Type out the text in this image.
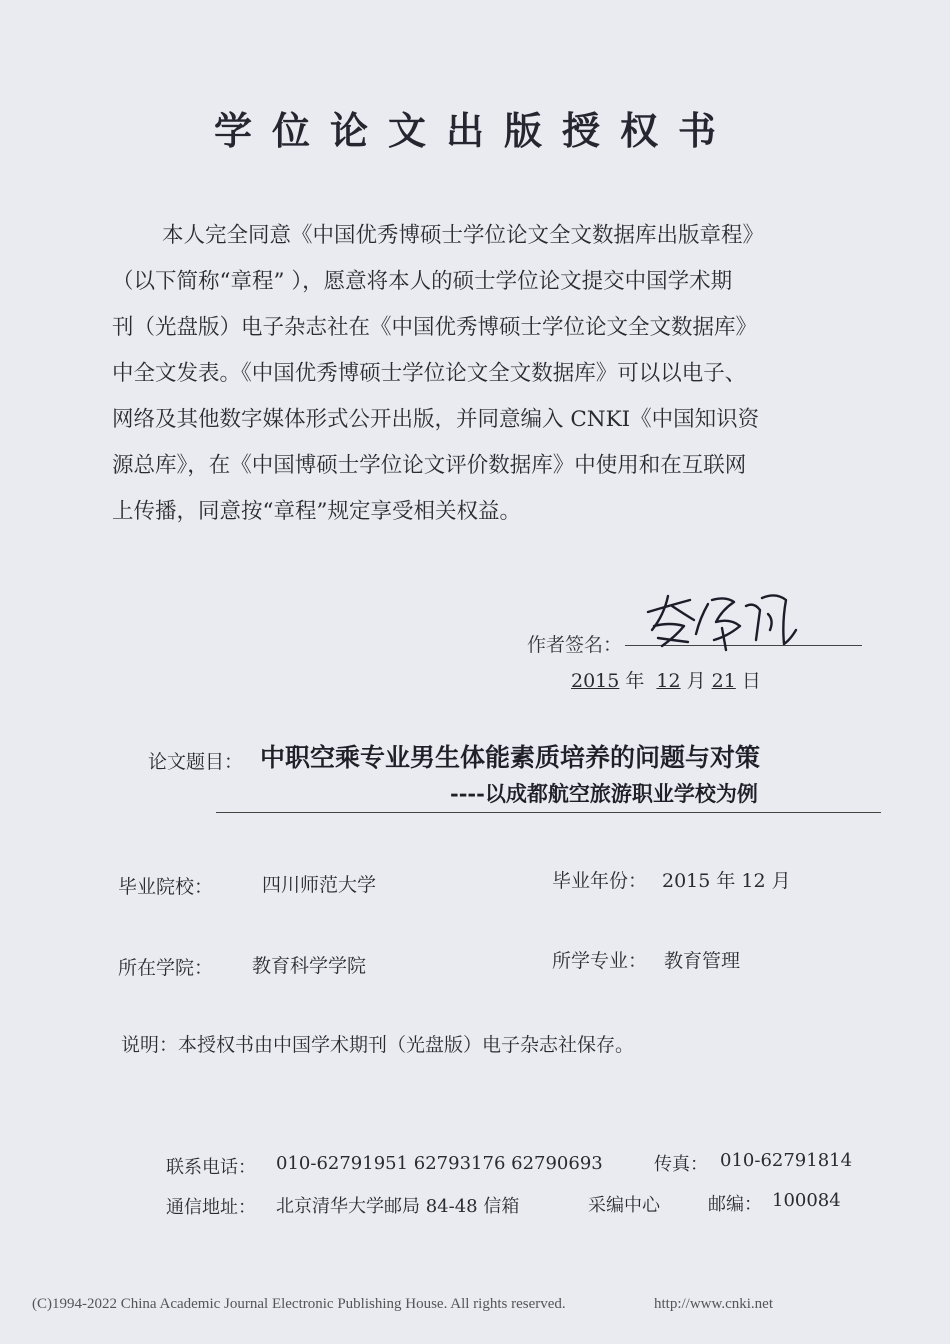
学位论文出版授权书
本人完全同意《中国优秀博硕士学位论文全文数据库出版章程》
（以下简称“章程” ），愿意将本人的硕士学位论文提交中国学术期
刊（光盘版）电子杂志社在《中国优秀博硕士学位论文全文数据库》
中全文发表。《中国优秀博硕士学位论文全文数据库》可以以电子、
网络及其他数字媒体形式公开出版，并同意编入 CNKI《中国知识资
源总库》，在《中国博硕士学位论文评价数据库》中使用和在互联网
上传播，同意按“章程”规定享受相关权益。
作者签名：
2015 年 12 月 21 日
论文题目： 中职空乘专业男生体能素质培养的问题与对策
----以成都航空旅游职业学校为例
毕业院校：	四川师范大学	毕业年份： 2015 年 12 月
所在学院： 教育科学学院	所学专业： 教育管理
说明：本授权书由中国学术期刊（光盘版）电子杂志社保存。
联系电话： 010-62791951 62793176 62790693	传真： 010-62791814
通信地址： 北京清华大学邮局 84-48 信箱	采编中心	邮编： 100084
(C)1994-2022 China Academic Journal Electronic Publishing House. All rights reserved.	http://www.cnki.net
